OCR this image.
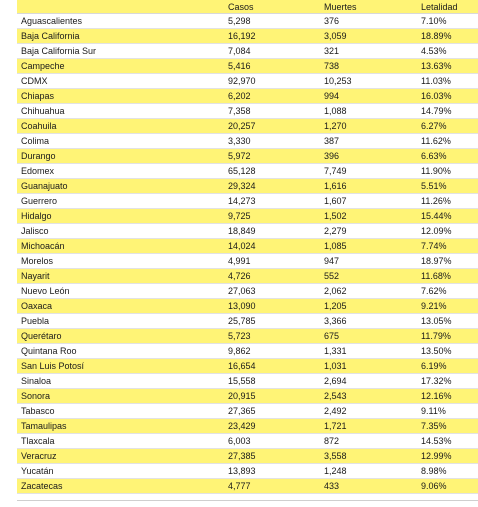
	Casos	Muertes	Letalidad
Aguascalientes	5,298	376	7.10%
Baja California	16,192	3,059	18.89%
Baja California Sur	7,084	321	4.53%
Campeche	5,416	738	13.63%
CDMX	92,970	10,253	11.03%
Chiapas	6,202	994	16.03%
Chihuahua	7,358	1,088	14.79%
Coahuila	20,257	1,270	6.27%
Colima	3,330	387	11.62%
Durango	5,972	396	6.63%
Edomex	65,128	7,749	11.90%
Guanajuato	29,324	1,616	5.51%
Guerrero	14,273	1,607	11.26%
Hidalgo	9,725	1,502	15.44%
Jalisco	18,849	2,279	12.09%
Michoacán	14,024	1,085	7.74%
Morelos	4,991	947	18.97%
Nayarit	4,726	552	11.68%
Nuevo León	27,063	2,062	7.62%
Oaxaca	13,090	1,205	9.21%
Puebla	25,785	3,366	13.05%
Querétaro	5,723	675	11.79%
Quintana Roo	9,862	1,331	13.50%
San Luis Potosí	16,654	1,031	6.19%
Sinaloa	15,558	2,694	17.32%
Sonora	20,915	2,543	12.16%
Tabasco	27,365	2,492	9.11%
Tamaulipas	23,429	1,721	7.35%
Tlaxcala	6,003	872	14.53%
Veracruz	27,385	3,558	12.99%
Yucatán	13,893	1,248	8.98%
Zacatecas	4,777	433	9.06%
